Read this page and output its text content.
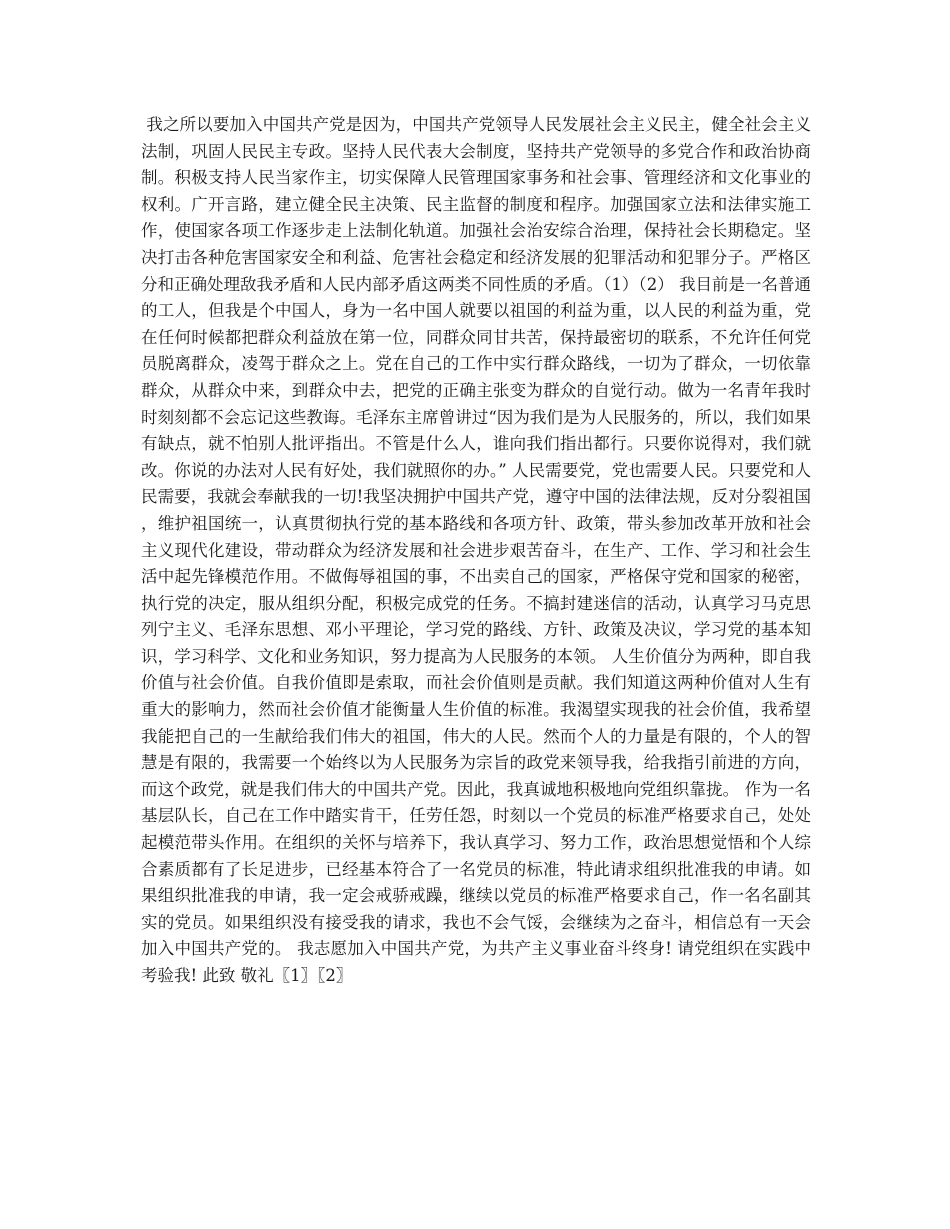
我之所以要加入中国共产党是因为，中国共产党领导人民发展社会主义民主，健全社会主义法制，巩固人民民主专政。坚持人民代表大会制度，坚持共产党领导的多党合作和政治协商制。积极支持人民当家作主，切实保障人民管理国家事务和社会事、管理经济和文化事业的权利。广开言路，建立健全民主决策、民主监督的制度和程序。加强国家立法和法律实施工作，使国家各项工作逐步走上法制化轨道。加强社会治安综合治理，保持社会长期稳定。坚决打击各种危害国家安全和利益、危害社会稳定和经济发展的犯罪活动和犯罪分子。严格区分和正确处理敌我矛盾和人民内部矛盾这两类不同性质的矛盾。（1）（2） 我目前是一名普通的工人，但我是个中国人，身为一名中国人就要以祖国的利益为重，以人民的利益为重，党在任何时候都把群众利益放在第一位，同群众同甘共苦，保持最密切的联系，不允许任何党员脱离群众，凌驾于群众之上。党在自己的工作中实行群众路线，一切为了群众，一切依靠群众，从群众中来，到群众中去，把党的正确主张变为群众的自觉行动。做为一名青年我时时刻刻都不会忘记这些教诲。毛泽东主席曾讲过“因为我们是为人民服务的，所以，我们如果有缺点，就不怕别人批评指出。不管是什么人，谁向我们指出都行。只要你说得对，我们就改。你说的办法对人民有好处，我们就照你的办。” 人民需要党，党也需要人民。只要党和人民需要，我就会奉献我的一切!我坚决拥护中国共产党，遵守中国的法律法规，反对分裂祖国，维护祖国统一，认真贯彻执行党的基本路线和各项方针、政策，带头参加改革开放和社会主义现代化建设，带动群众为经济发展和社会进步艰苦奋斗，在生产、工作、学习和社会生活中起先锋模范作用。不做侮辱祖国的事，不出卖自己的国家，严格保守党和国家的秘密，执行党的决定，服从组织分配，积极完成党的任务。不搞封建迷信的活动，认真学习马克思列宁主义、毛泽东思想、邓小平理论，学习党的路线、方针、政策及决议，学习党的基本知识，学习科学、文化和业务知识，努力提高为人民服务的本领。 人生价值分为两种，即自我价值与社会价值。自我价值即是索取，而社会价值则是贡献。我们知道这两种价值对人生有重大的影响力，然而社会价值才能衡量人生价值的标准。我渴望实现我的社会价值，我希望我能把自己的一生献给我们伟大的祖国，伟大的人民。然而个人的力量是有限的，个人的智慧是有限的，我需要一个始终以为人民服务为宗旨的政党来领导我，给我指引前进的方向，而这个政党，就是我们伟大的中国共产党。因此，我真诚地积极地向党组织靠拢。 作为一名基层队长，自己在工作中踏实肯干，任劳任怨，时刻以一个党员的标准严格要求自己，处处起模范带头作用。在组织的关怀与培养下，我认真学习、努力工作，政治思想觉悟和个人综合素质都有了长足进步，已经基本符合了一名党员的标准，特此请求组织批准我的申请。如果组织批准我的申请，我一定会戒骄戒躁，继续以党员的标准严格要求自己，作一名名副其实的党员。如果组织没有接受我的请求，我也不会气馁，会继续为之奋斗，相信总有一天会加入中国共产党的。 我志愿加入中国共产党，为共产主义事业奋斗终身! 请党组织在实践中考验我! 此致 敬礼〖1〗〖2〗
